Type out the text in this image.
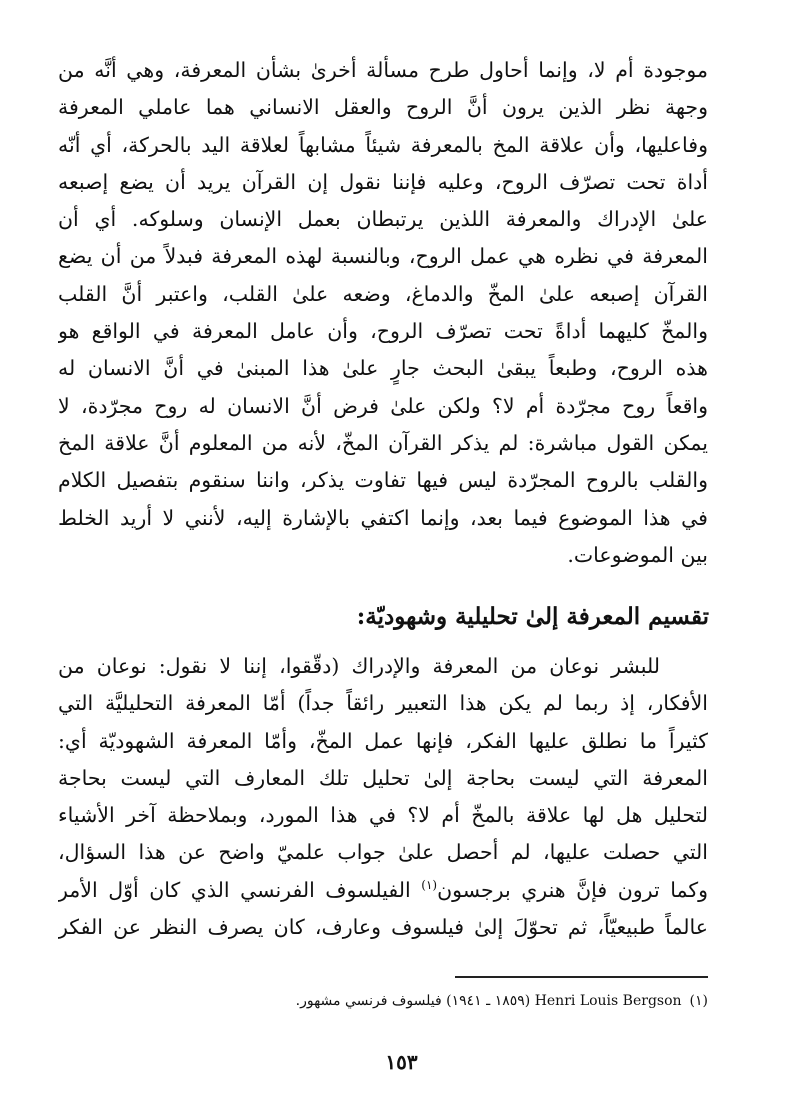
موجودة أم لا، وإنما أحاول طرح مسألة أخرىٰ بشأن المعرفة، وهي أنَّه من
وجهة نظر الذين يرون أنَّ الروح والعقل الانساني هما عاملي المعرفة
وفاعليها، وأن علاقة المخ بالمعرفة شيئاً مشابهاً لعلاقة اليد بالحركة، أي أنّه
أداة تحت تصرّف الروح، وعليه فإننا نقول إن القرآن يريد أن يضع إصبعه
علىٰ الإدراك والمعرفة اللذين يرتبطان بعمل الإنسان وسلوكه. أي أن
المعرفة في نظره هي عمل الروح، وبالنسبة لهذه المعرفة فبدلاً من أن يضع
القرآن إصبعه علىٰ المخّ والدماغ، وضعه علىٰ القلب، واعتبر أنَّ القلب
والمخّ كليهما أداةً تحت تصرّف الروح، وأن عامل المعرفة في الواقع هو
هذه الروح، وطبعاً يبقىٰ البحث جارٍ علىٰ هذا المبنىٰ في أنَّ الانسان له
واقعاً روح مجرّدة أم لا؟ ولكن علىٰ فرض أنَّ الانسان له روح مجرّدة، لا
يمكن القول مباشرة: لم يذكر القرآن المخّ، لأنه من المعلوم أنَّ علاقة المخ
والقلب بالروح المجرّدة ليس فيها تفاوت يذكر، واننا سنقوم بتفصيل الكلام
في هذا الموضوع فيما بعد، وإنما اكتفي بالإشارة إليه، لأنني لا أريد الخلط
بين الموضوعات.
تقسيم المعرفة إلىٰ تحليلية وشهوديّة:
للبشر نوعان من المعرفة والإدراك (دقّقوا، إننا لا نقول: نوعان من
الأفكار، إذ ربما لم يكن هذا التعبير رائقاً جداً) أمّا المعرفة التحليليَّة التي
كثيراً ما نطلق عليها الفكر، فإنها عمل المخّ، وأمّا المعرفة الشهوديّة أي:
المعرفة التي ليست بحاجة إلىٰ تحليل تلك المعارف التي ليست بحاجة
لتحليل هل لها علاقة بالمخّ أم لا؟ في هذا المورد، وبملاحظة آخر الأشياء
التي حصلت عليها، لم أحصل علىٰ جواب علميّ واضح عن هذا السؤال،
وكما ترون فإنَّ هنري برجسون$^{(١)}$ الفيلسوف الفرنسي الذي كان أوّل الأمر
عالماً طبيعيّاً، ثم تحوّلَ إلىٰ فيلسوف وعارف، كان يصرف النظر عن الفكر
(١)Henri Louis Bergson (١٨٥٩ ـ ١٩٤١) فيلسوف فرنسي مشهور.
١٥٣
